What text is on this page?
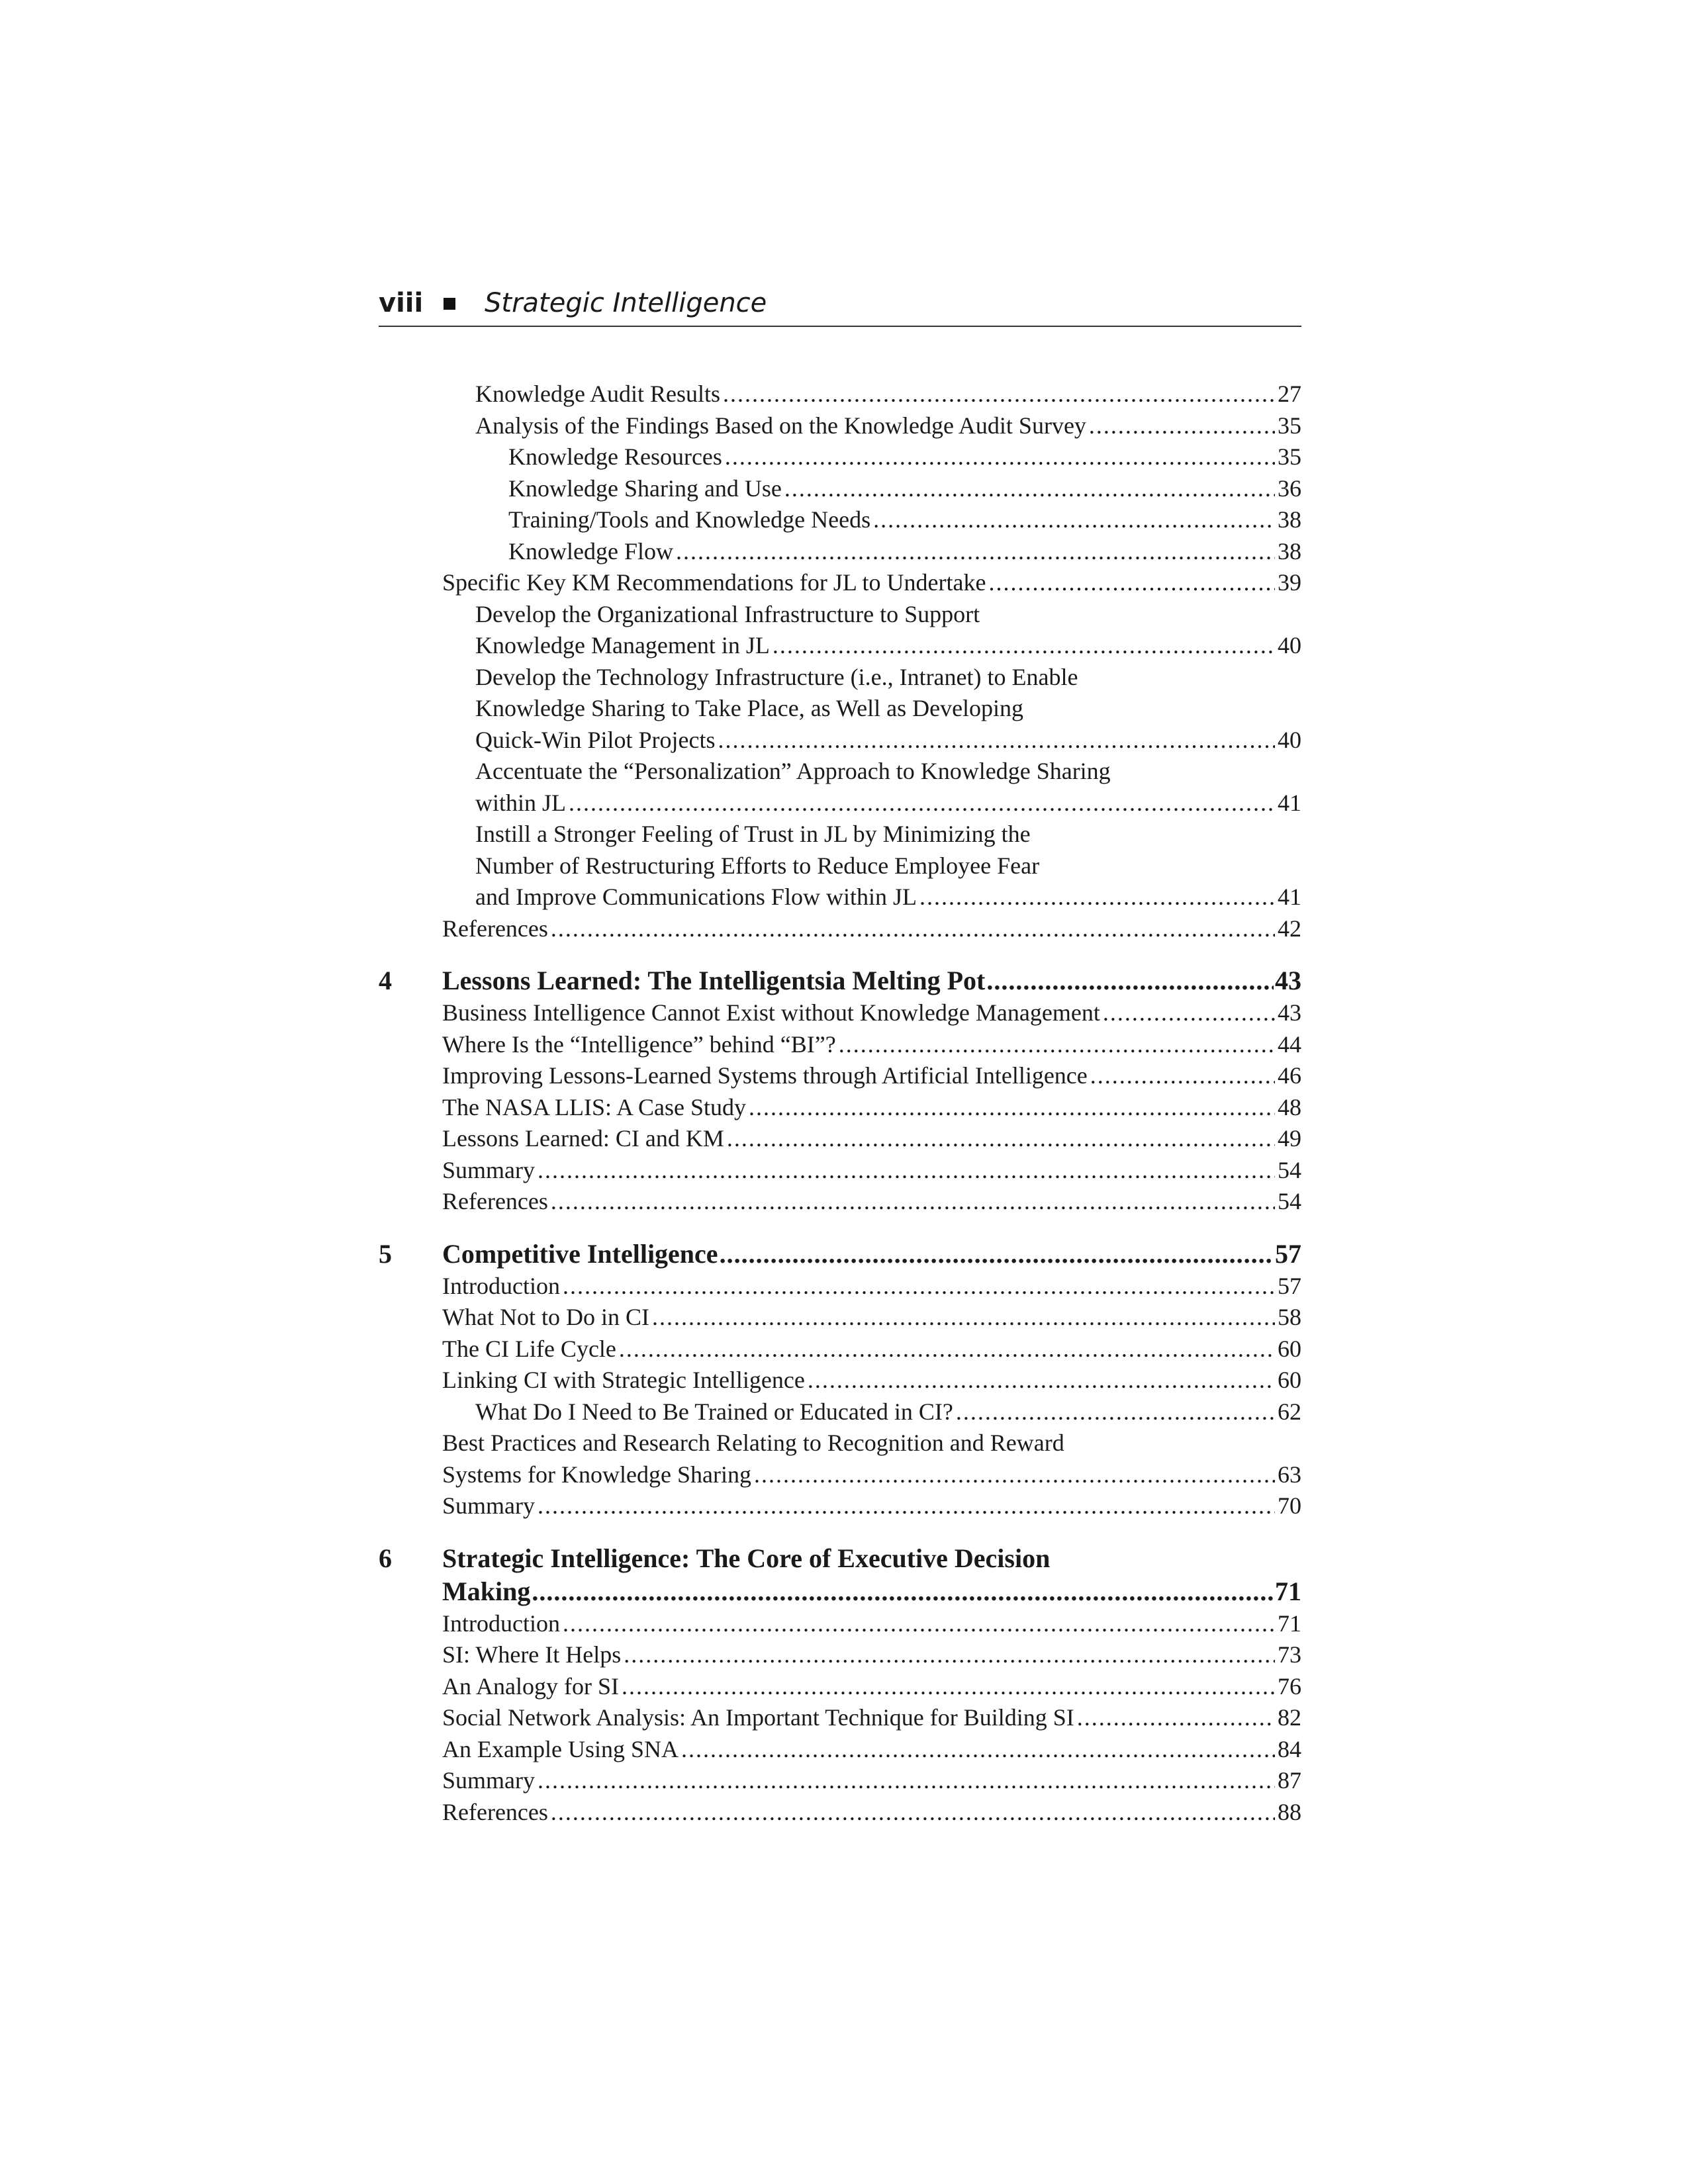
viii Strategic Intelligence
Knowledge Audit Results .....	27
Analysis of the Findings Based on the Knowledge Audit Survey .....	35
Knowledge Resources .....	35
Knowledge Sharing and Use .....	36
Training/Tools and Knowledge Needs .....	38
Knowledge Flow .....	38
Specific Key KM Recommendations for JL to Undertake .....	39
Develop the Organizational Infrastructure to Support
Knowledge Management in JL .....	40
Develop the Technology Infrastructure (i.e., Intranet) to Enable
Knowledge Sharing to Take Place, as Well as Developing
Quick-Win Pilot Projects .....	40
Accentuate the “Personalization” Approach to Knowledge Sharing
within JL .....	41
Instill a Stronger Feeling of Trust in JL by Minimizing the
Number of Restructuring Efforts to Reduce Employee Fear
and Improve Communications Flow within JL .....	41
References .....	42
4 Lessons Learned: The Intelligentsia Melting Pot .....	43
Business Intelligence Cannot Exist without Knowledge Management .....	43
Where Is the “Intelligence” behind “BI”? .....	44
Improving Lessons-Learned Systems through Artificial Intelligence .....	46
The NASA LLIS: A Case Study .....	48
Lessons Learned: CI and KM .....	49
Summary .....	54
References .....	54
5 Competitive Intelligence .....	57
Introduction .....	57
What Not to Do in CI .....	58
The CI Life Cycle .....	60
Linking CI with Strategic Intelligence .....	60
What Do I Need to Be Trained or Educated in CI? .....	62
Best Practices and Research Relating to Recognition and Reward
Systems for Knowledge Sharing .....	63
Summary .....	70
6 Strategic Intelligence: The Core of Executive Decision
Making .....	71
Introduction .....	71
SI: Where It Helps .....	73
An Analogy for SI .....	76
Social Network Analysis: An Important Technique for Building SI .....	82
An Example Using SNA .....	84
Summary .....	87
References .....	88
